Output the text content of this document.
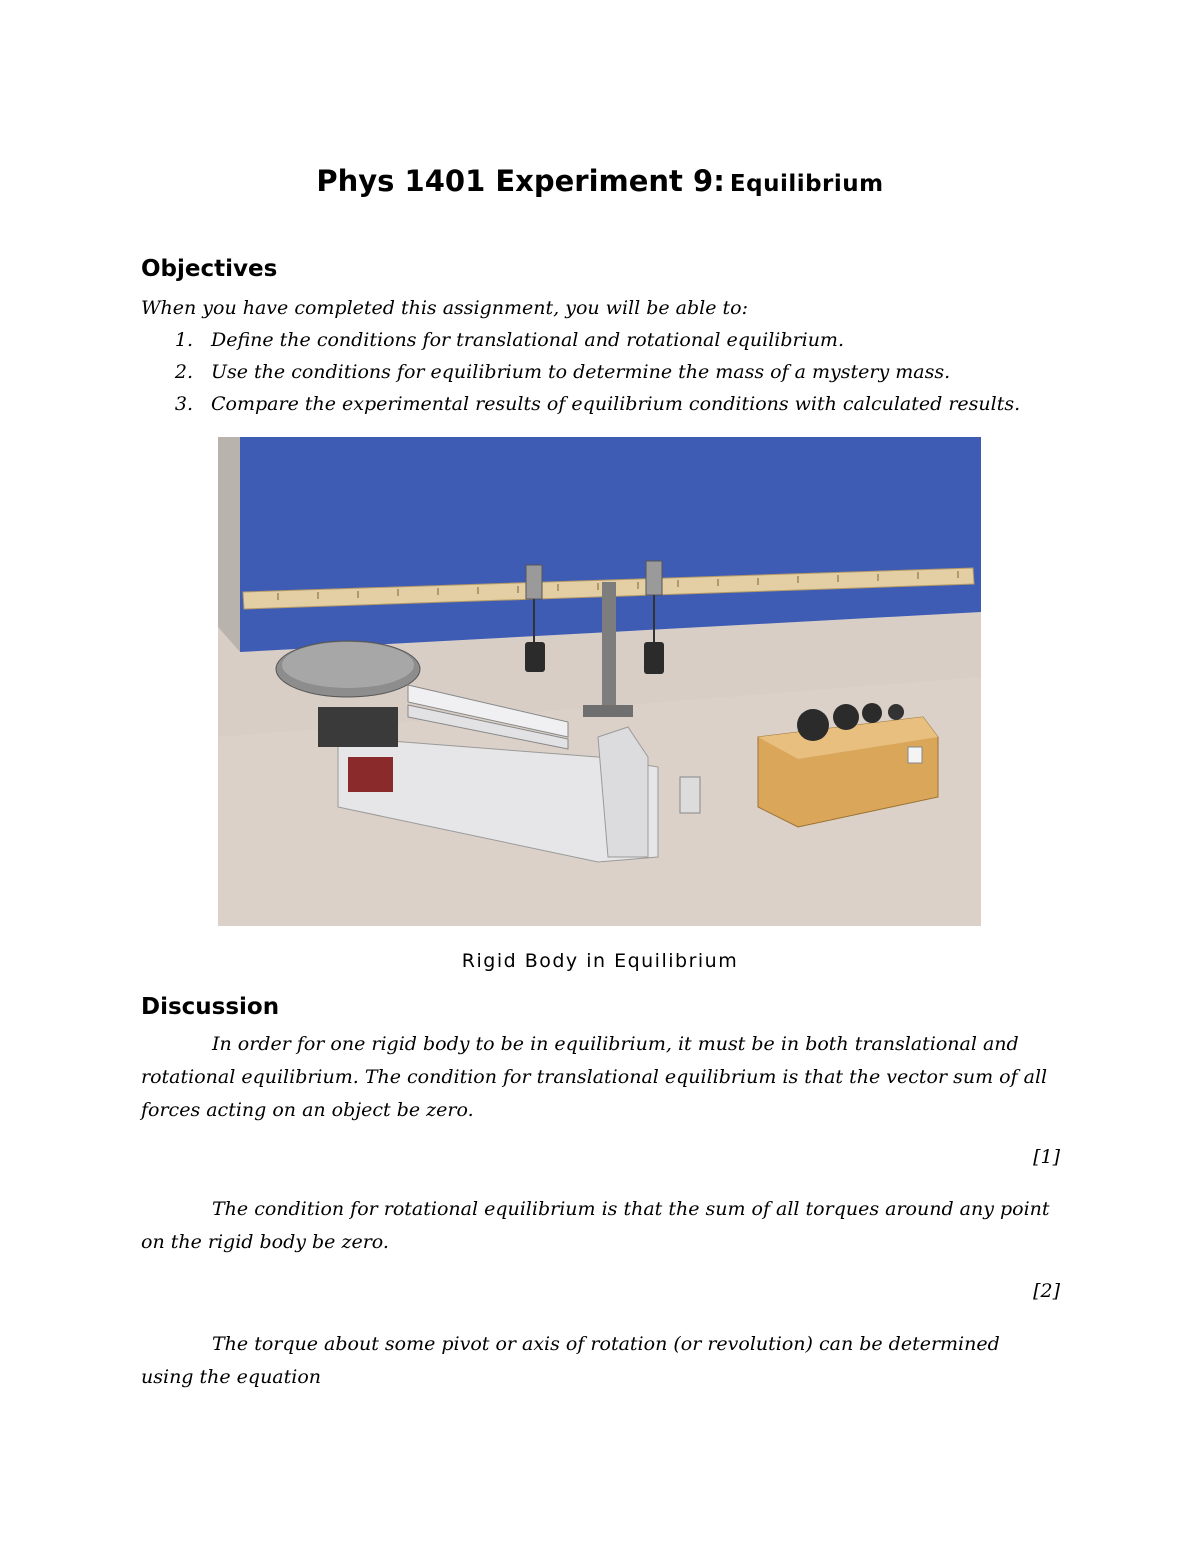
Phys 1401 Experiment 9: Equilibrium
Objectives
When you have completed this assignment, you will be able to:
1. Define the conditions for translational and rotational equilibrium.
2. Use the conditions for equilibrium to determine the mass of a mystery mass.
3. Compare the experimental results of equilibrium conditions with calculated results.
Rigid Body in Equilibrium
Discussion
In order for one rigid body to be in equilibrium, it must be in both translational and
rotational equilibrium. The condition for translational equilibrium is that the vector sum of all
forces acting on an object be zero.
[1]
The condition for rotational equilibrium is that the sum of all torques around any point
on the rigid body be zero.
[2]
The torque about some pivot or axis of rotation (or revolution) can be determined
using the equation
